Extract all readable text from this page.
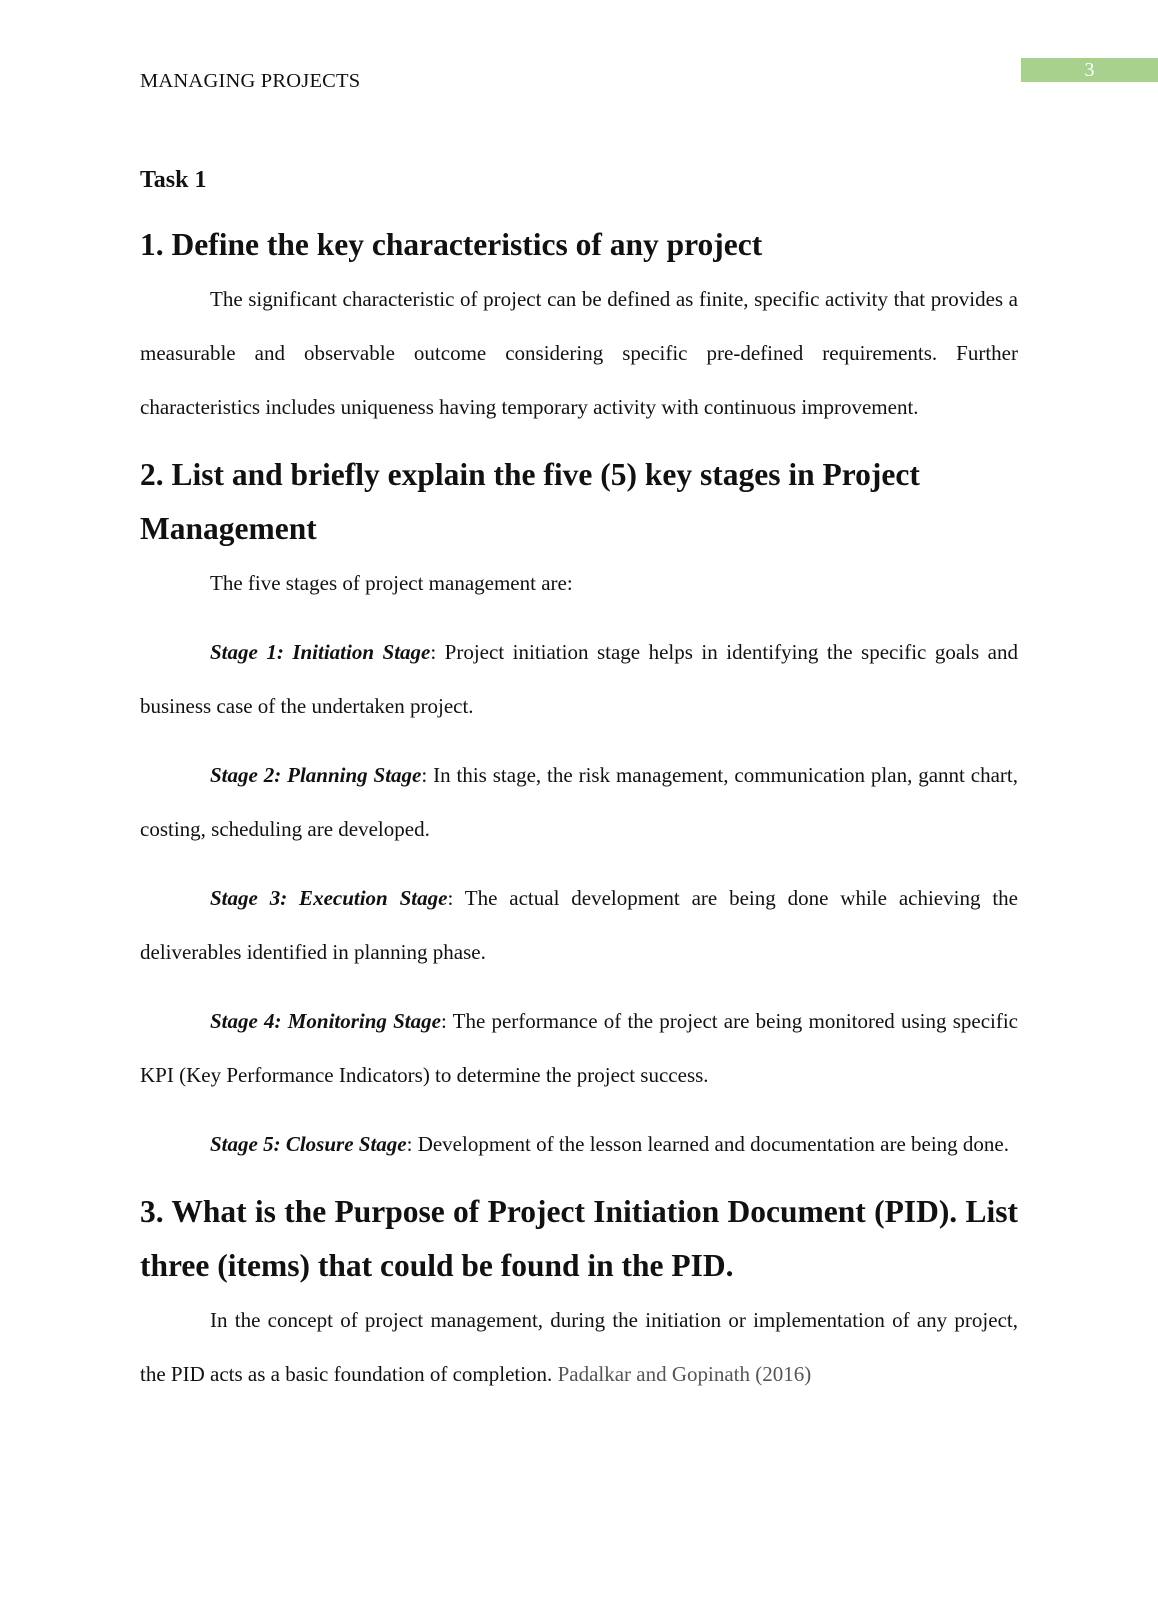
3
MANAGING PROJECTS
Task 1
1. Define the key characteristics of any project

The significant characteristic of project can be defined as finite, specific activity that provides a measurable and observable outcome considering specific pre-defined requirements. Further characteristics includes uniqueness having temporary activity with continuous improvement.

2. List and briefly explain the five (5) key stages in Project Management

The five stages of project management are:

Stage 1: Initiation Stage: Project initiation stage helps in identifying the specific goals and business case of the undertaken project.

Stage 2: Planning Stage: In this stage, the risk management, communication plan, gannt chart, costing, scheduling are developed.

Stage 3: Execution Stage: The actual development are being done while achieving the deliverables identified in planning phase.

Stage 4: Monitoring Stage: The performance of the project are being monitored using specific KPI (Key Performance Indicators) to determine the project success.

Stage 5: Closure Stage: Development of the lesson learned and documentation are being done.

3. What is the Purpose of Project Initiation Document (PID). List three (items) that could be found in the PID.

In the concept of project management, during the initiation or implementation of any project, the PID acts as a basic foundation of completion. Padalkar and Gopinath (2016)
